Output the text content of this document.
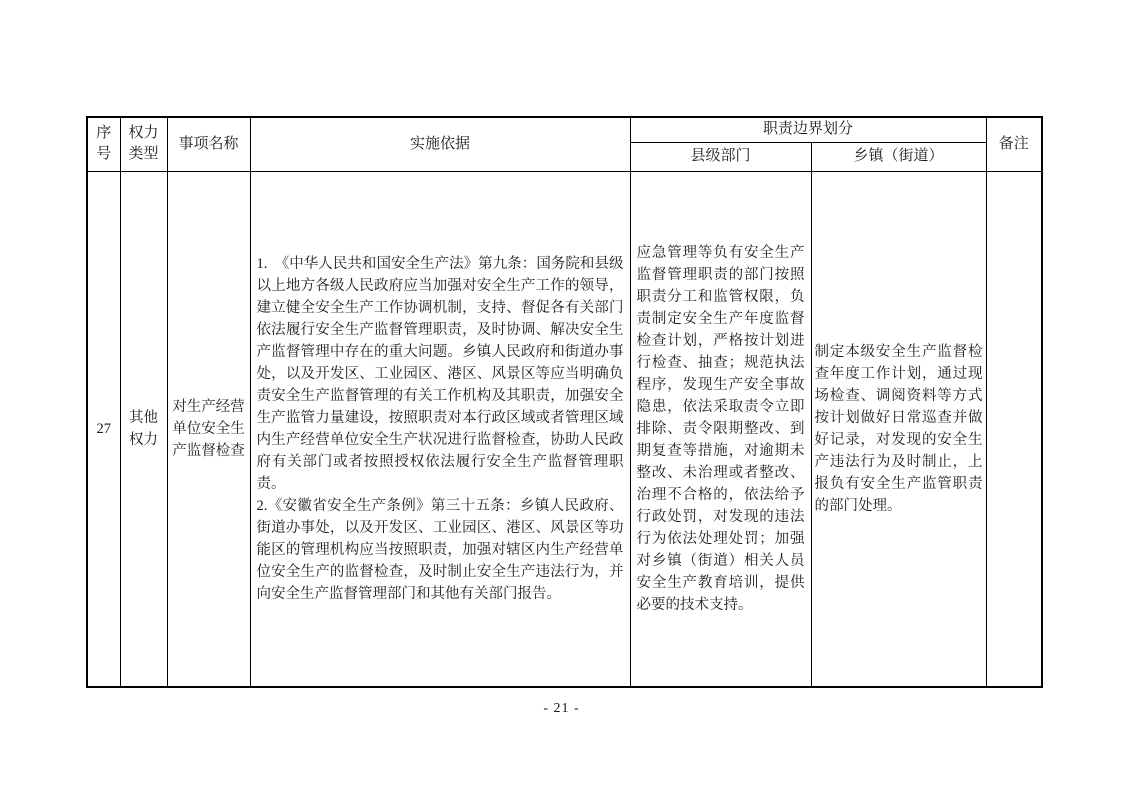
序号	权力类型	事项名称	实施依据	职责边界划分		备注
				县级部门	乡镇（街道）	
27	其他权力	对生产经营单位安全生产监督检查	1.　《中华人民共和国安全生产法》第九条：国务院和县级以上地方各级人民政府应当加强对安全生产工作的领导，建立健全安全生产工作协调机制，支持、督促各有关部门依法履行安全生产监督管理职责，及时协调、解决安全生产监督管理中存在的重大问题。乡镇人民政府和街道办事处，以及开发区、工业园区、港区、风景区等应当明确负责安全生产监督管理的有关工作机构及其职责，加强安全生产监管力量建设，按照职责对本行政区域或者管理区域内生产经营单位安全生产状况进行监督检查，协助人民政府有关部门或者按照授权依法履行安全生产监督管理职责。

2.《安徽省安全生产条例》第三十五条：乡镇人民政府、街道办事处，以及开发区、工业园区、港区、风景区等功能区的管理机构应当按照职责，加强对辖区内生产经营单位安全生产的监督检查，及时制止安全生产违法行为，并向安全生产监督管理部门和其他有关部门报告。	应急管理等负有安全生产监督管理职责的部门按照职责分工和监管权限，负责制定安全生产年度监督检查计划，严格按计划进行检查、抽查；规范执法程序，发现生产安全事故隐患，依法采取责令立即排除、责令限期整改、到期复查等措施，对逾期未整改、未治理或者整改、治理不合格的，依法给予行政处罚，对发现的违法行为依法处理处罚；加强对乡镇（街道）相关人员安全生产教育培训，提供必要的技术支持。	制定本级安全生产监督检查年度工作计划，通过现场检查、调阅资料等方式按计划做好日常巡查并做好记录，对发现的安全生产违法行为及时制止，上报负有安全生产监管职责的部门处理。	

- 21 -
